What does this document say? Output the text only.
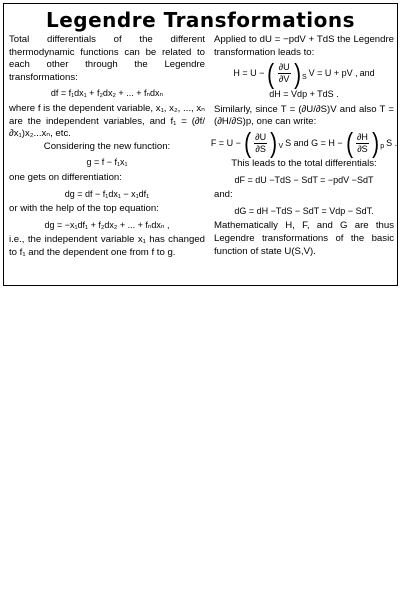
Legendre Transformations

Total differentials of the different thermodynamic functions can be related to each other through the Legendre transformations:

df = f₁dx₁ + f₂dx₂ + ... + fₙdxₙ

where f is the dependent variable, x₁, x₂, ..., xₙ are the independent variables, and f₁ = (∂f/∂x₁)x₂...xₙ, etc.

Considering the new function:
g = f − f₁x₁

one gets on differentiation:

dg = df − f₁dx₁ − x₁df₁

or with the help of the top equation:

dg = −x₁df₁ + f₂dx₂ + ... + fₙdxₙ ,

i.e., the independent variable x₁ has changed to f₁ and the dependent one from f to g.

Applied to dU = −pdV + TdS the Legendre transformation leads to:

H = U − ( $\frac{\partial U}{\partial V}$ ) S V = U + pV , and
dH = Vdp + TdS .

Similarly, since T = (∂U/∂S)V and also T = (∂H/∂S)p, one can write:

F = U − ( $\frac{\partial U}{\partial S}$ ) V S and G = H − ( $\frac{\partial H}{\partial S}$ ) p S .
This leads to the total differentials:
dF = dU −TdS − SdT = −pdV −SdT
and:
dG = dH −TdS − SdT = Vdp − SdT.

Mathematically H, F, and G are thus Legendre transformations of the basic function of state U(S,V).
